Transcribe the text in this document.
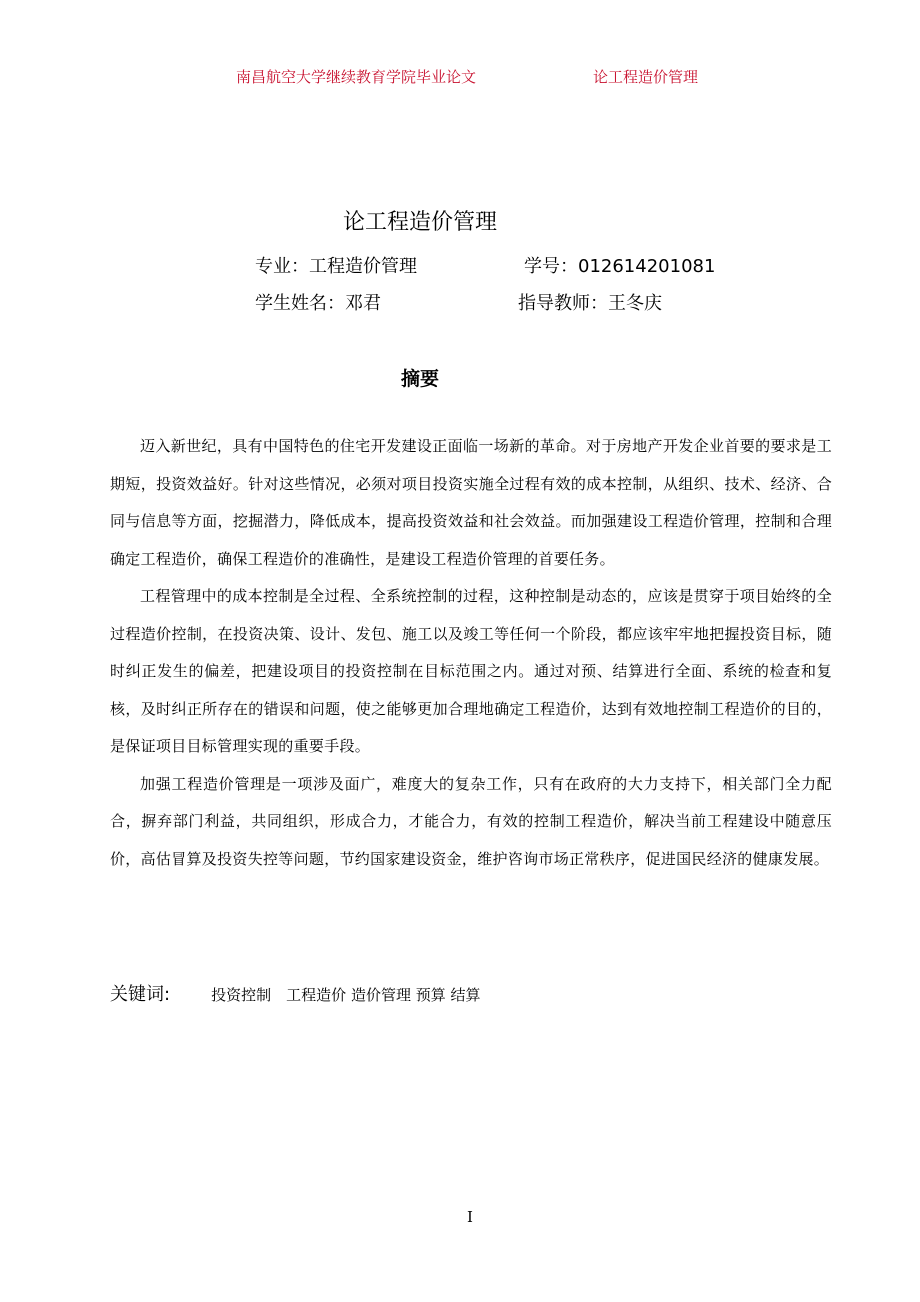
南昌航空大学继续教育学院毕业论文	论工程造价管理
论工程造价管理
专业：工程造价管理	学号：012614201081
学生姓名：邓君	指导教师：王冬庆
摘要

迈入新世纪，具有中国特色的住宅开发建设正面临一场新的革命。对于房地产开发企业首要的要求是工期短，投资效益好。针对这些情况，必须对项目投资实施全过程有效的成本控制，从组织、技术、经济、合同与信息等方面，挖掘潜力，降低成本，提高投资效益和社会效益。而加强建设工程造价管理，控制和合理确定工程造价，确保工程造价的准确性，是建设工程造价管理的首要任务。

工程管理中的成本控制是全过程、全系统控制的过程，这种控制是动态的，应该是贯穿于项目始终的全过程造价控制，在投资决策、设计、发包、施工以及竣工等任何一个阶段，都应该牢牢地把握投资目标，随时纠正发生的偏差，把建设项目的投资控制在目标范围之内。通过对预、结算进行全面、系统的检查和复核，及时纠正所存在的错误和问题，使之能够更加合理地确定工程造价，达到有效地控制工程造价的目的，是保证项目目标管理实现的重要手段。

加强工程造价管理是一项涉及面广，难度大的复杂工作，只有在政府的大力支持下，相关部门全力配合，摒弃部门利益，共同组织，形成合力，才能合力，有效的控制工程造价，解决当前工程建设中随意压价，高估冒算及投资失控等问题，节约国家建设资金，维护咨询市场正常秩序，促进国民经济的健康发展。

关键词:	投资控制　工程造价 造价管理 预算 结算
I
